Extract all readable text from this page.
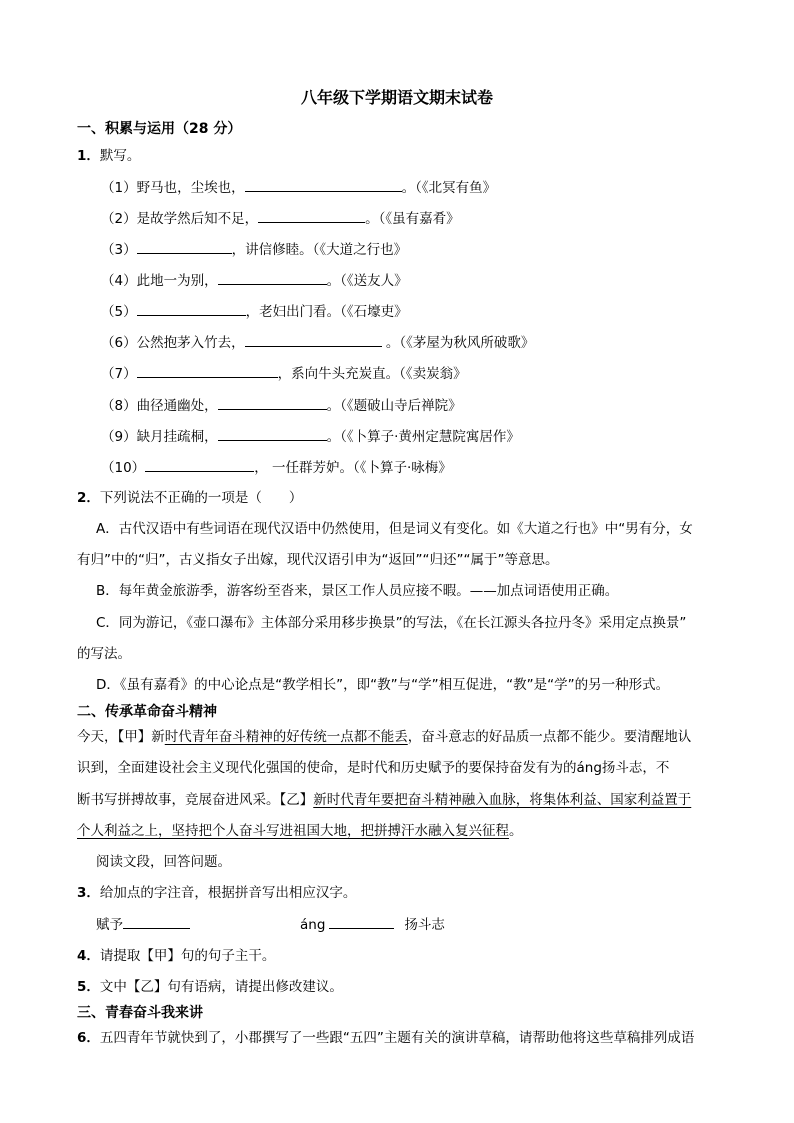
八年级下学期语文期末试卷
一、积累与运用（28 分）
1．默写。
（1）野马也，尘埃也，	。（《北冥有鱼》
（2）是故学然后知不足，	。（《虽有嘉肴》
（3）	，讲信修睦。（《大道之行也》
（4）此地一为别，	。（《送友人》
（5）	，老妇出门看。（《石壕吏》
（6）公然抱茅入竹去，	。（《茅屋为秋风所破歌》
（7）	，系向牛头充炭直。（《卖炭翁》
（8）曲径通幽处，	。（《题破山寺后禅院》
（9）缺月挂疏桐，	。（《卜算子·黄州定慧院寓居作》
（10）	， 一任群芳妒。（《卜算子·咏梅》
2．下列说法不正确的一项是（　　）
A．古代汉语中有些词语在现代汉语中仍然使用，但是词义有变化。如《大道之行也》中“男有分，女
有归”中的“归”，古义指女子出嫁，现代汉语引申为“返回”“归还”“属于”等意思。
B．每年黄金旅游季，游客纷至沓来，景区工作人员应接不暇。——加点词语使用正确。
C．同为游记，《壶口瀑布》主体部分采用移步换景”的写法，《在长江源头各拉丹冬》采用定点换景”
的写法。
D．《虽有嘉肴》的中心论点是“教学相长”，即“教”与“学”相互促进，“教”是“学”的另一种形式。
二、传承革命奋斗精神
今天，【甲】新时代青年奋斗精神的好传统一点都不能丢，奋斗意志的好品质一点都不能少。要清醒地认
识到，全面建设社会主义现代化强国的使命，是时代和历史赋予的要保持奋发有为的áng扬斗志，不
断书写拼搏故事，竞展奋进风采。【乙】新时代青年要把奋斗精神融入血脉，将集体利益、国家利益置于
个人利益之上，坚持把个人奋斗写进祖国大地，把拼搏汗水融入复兴征程。
阅读文段，回答问题。
3．给加点的字注音，根据拼音写出相应汉字。
赋予	áng	扬斗志
4．请提取【甲】句的句子主干。
5．文中【乙】句有语病，请提出修改建议。
三、青春奋斗我来讲
6．五四青年节就快到了，小郡撰写了一些跟“五四”主题有关的演讲草稿，请帮助他将这些草稿排列成语
